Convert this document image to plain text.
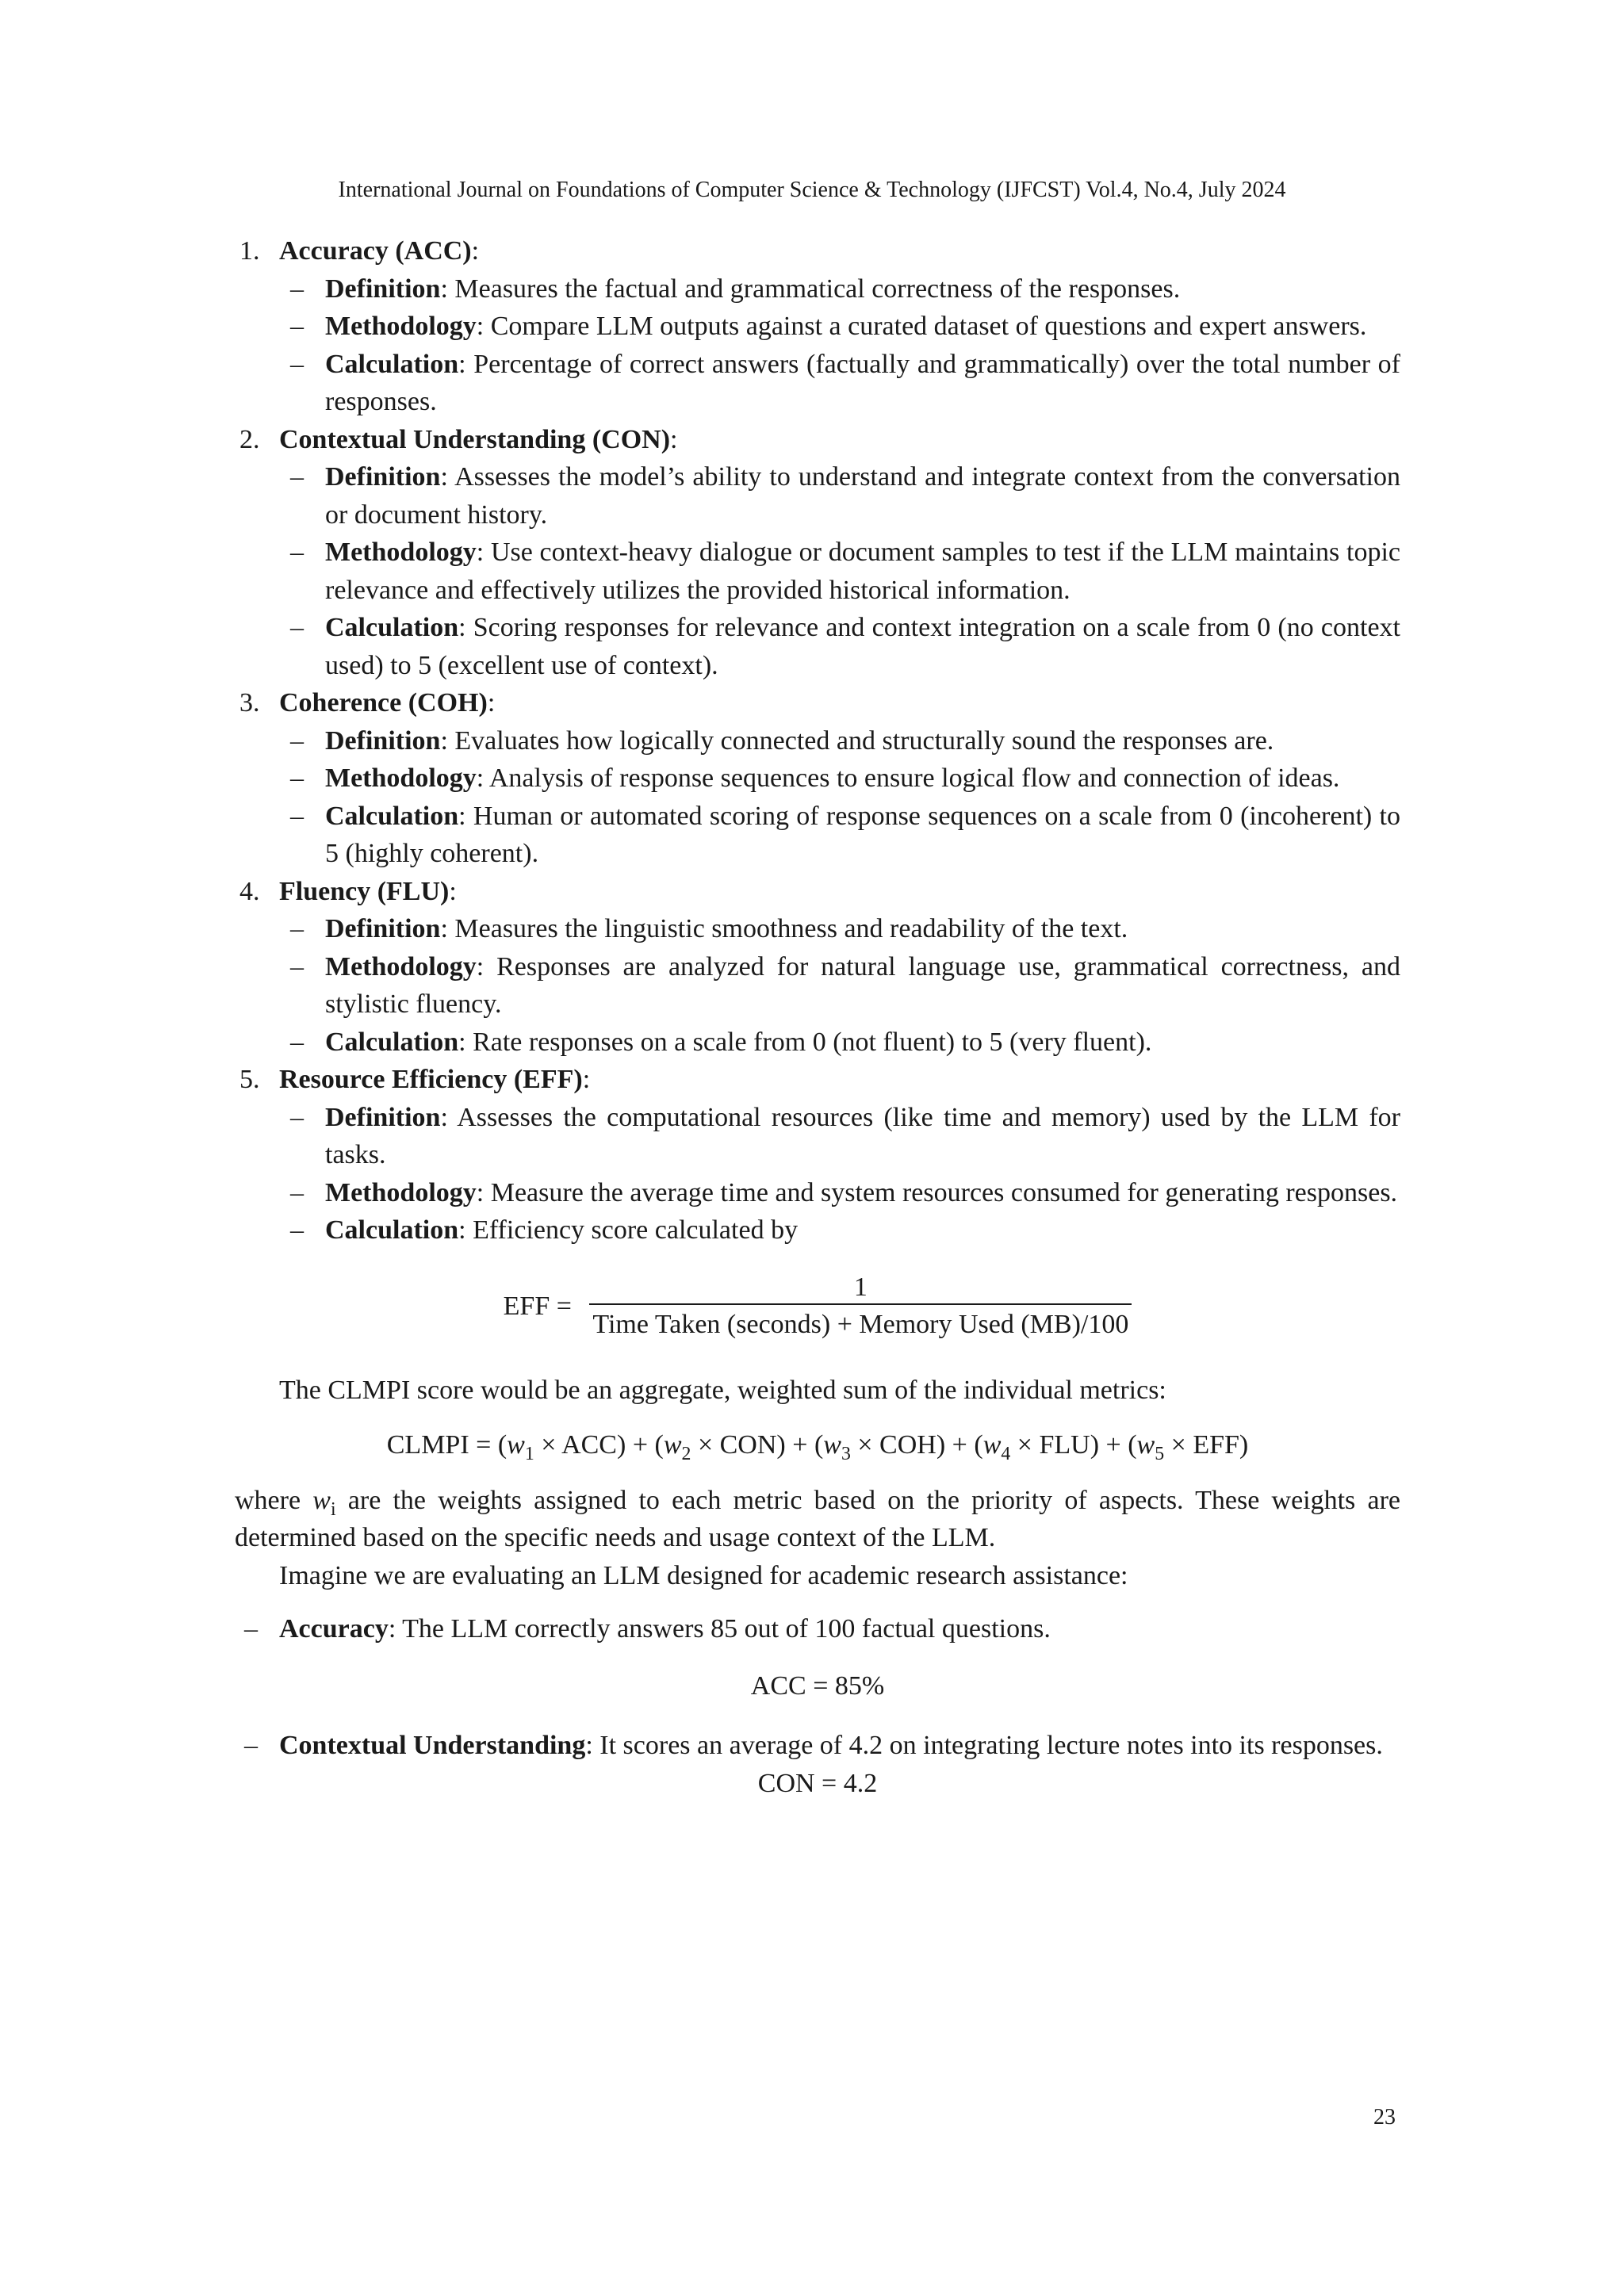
International Journal on Foundations of Computer Science & Technology (IJFCST) Vol.4, No.4, July 2024
1. Accuracy (ACC):
– Definition: Measures the factual and grammatical correctness of the responses.
– Methodology: Compare LLM outputs against a curated dataset of questions and expert answers.
– Calculation: Percentage of correct answers (factually and grammatically) over the total number of responses.
2. Contextual Understanding (CON):
– Definition: Assesses the model’s ability to understand and integrate context from the conversation or document history.
– Methodology: Use context-heavy dialogue or document samples to test if the LLM maintains topic relevance and effectively utilizes the provided historical information.
– Calculation: Scoring responses for relevance and context integration on a scale from 0 (no context used) to 5 (excellent use of context).
3. Coherence (COH):
– Definition: Evaluates how logically connected and structurally sound the responses are.
– Methodology: Analysis of response sequences to ensure logical flow and connection of ideas.
– Calculation: Human or automated scoring of response sequences on a scale from 0 (incoherent) to 5 (highly coherent).
4. Fluency (FLU):
– Definition: Measures the linguistic smoothness and readability of the text.
– Methodology: Responses are analyzed for natural language use, grammatical correctness, and stylistic fluency.
– Calculation: Rate responses on a scale from 0 (not fluent) to 5 (very fluent).
5. Resource Efficiency (EFF):
– Definition: Assesses the computational resources (like time and memory) used by the LLM for tasks.
– Methodology: Measure the average time and system resources consumed for generating responses.
– Calculation: Efficiency score calculated by
EFF = $\frac{1}{\text{Time Taken (seconds) + Memory Used (MB)/100}}$
The CLMPI score would be an aggregate, weighted sum of the individual metrics:
CLMPI = $(w_1 \times ACC) + (w_2 \times CON) + (w_3 \times COH) + (w_4 \times FLU) + (w_5 \times EFF)$
where $w_i$ are the weights assigned to each metric based on the priority of aspects. These weights are determined based on the specific needs and usage context of the LLM.
Imagine we are evaluating an LLM designed for academic research assistance:
– Accuracy: The LLM correctly answers 85 out of 100 factual questions.
ACC = 85%
– Contextual Understanding: It scores an average of 4.2 on integrating lecture notes into its responses.
CON = 4.2
23
